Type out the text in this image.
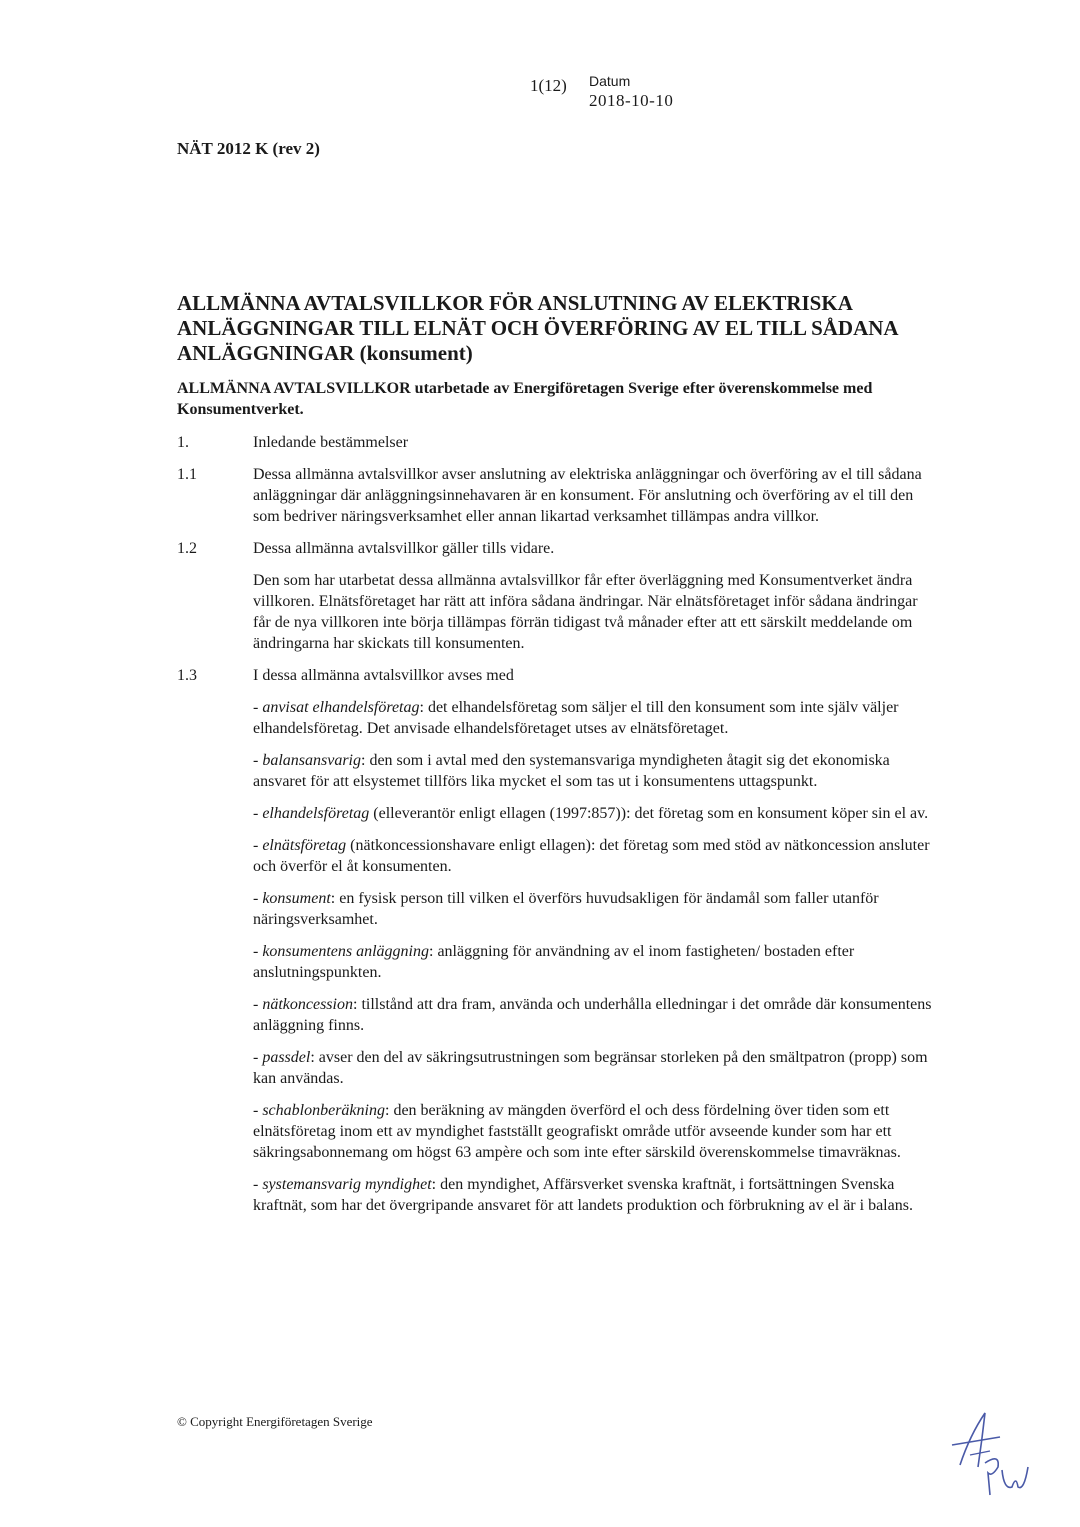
1(12) Datum
2018-10-10
NÄT 2012 K (rev 2)
ALLMÄNNA AVTALSVILLKOR FÖR ANSLUTNING AV ELEKTRISKA ANLÄGGNINGAR TILL ELNÄT OCH ÖVERFÖRING AV EL TILL SÅDANA ANLÄGGNINGAR (konsument)

ALLMÄNNA AVTALSVILLKOR utarbetade av Energiföretagen Sverige efter överenskommelse med Konsumentverket.

1.	Inledande bestämmelser
1.1	Dessa allmänna avtalsvillkor avser anslutning av elektriska anläggningar och överföring av el till sådana anläggningar där anläggningsinnehavaren är en konsument. För anslutning och överföring av el till den som bedriver näringsverksamhet eller annan likartad verksamhet tillämpas andra villkor.
1.2	Dessa allmänna avtalsvillkor gäller tills vidare.
Den som har utarbetat dessa allmänna avtalsvillkor får efter överläggning med Konsumentverket ändra villkoren. Elnätsföretaget har rätt att införa sådana ändringar. När elnätsföretaget inför sådana ändringar får de nya villkoren inte börja tillämpas förrän tidigast två månader efter att ett särskilt meddelande om ändringarna har skickats till konsumenten.
1.3	I dessa allmänna avtalsvillkor avses med
- anvisat elhandelsföretag: det elhandelsföretag som säljer el till den konsument som inte själv väljer elhandelsföretag. Det anvisade elhandelsföretaget utses av elnätsföretaget.
- balansansvarig: den som i avtal med den systemansvariga myndigheten åtagit sig det ekonomiska ansvaret för att elsystemet tillförs lika mycket el som tas ut i konsumentens uttagspunkt.
- elhandelsföretag (elleverantör enligt ellagen (1997:857)): det företag som en konsument köper sin el av.
- elnätsföretag (nätkoncessionshavare enligt ellagen): det företag som med stöd av nätkoncession ansluter och överför el åt konsumenten.
- konsument: en fysisk person till vilken el överförs huvudsakligen för ändamål som faller utanför näringsverksamhet.
- konsumentens anläggning: anläggning för användning av el inom fastigheten/ bostaden efter anslutningspunkten.
- nätkoncession: tillstånd att dra fram, använda och underhålla elledningar i det område där konsumentens anläggning finns.
- passdel: avser den del av säkringsutrustningen som begränsar storleken på den smältpatron (propp) som kan användas.
- schablonberäkning: den beräkning av mängden överförd el och dess fördelning över tiden som ett elnätsföretag inom ett av myndighet fastställt geografiskt område utför avseende kunder som har ett säkringsabonnemang om högst 63 ampère och som inte efter särskild överenskommelse timavräknas.
- systemansvarig myndighet: den myndighet, Affärsverket svenska kraftnät, i fortsättningen Svenska kraftnät, som har det övergripande ansvaret för att landets produktion och förbrukning av el är i balans.
© Copyright Energiföretagen Sverige
